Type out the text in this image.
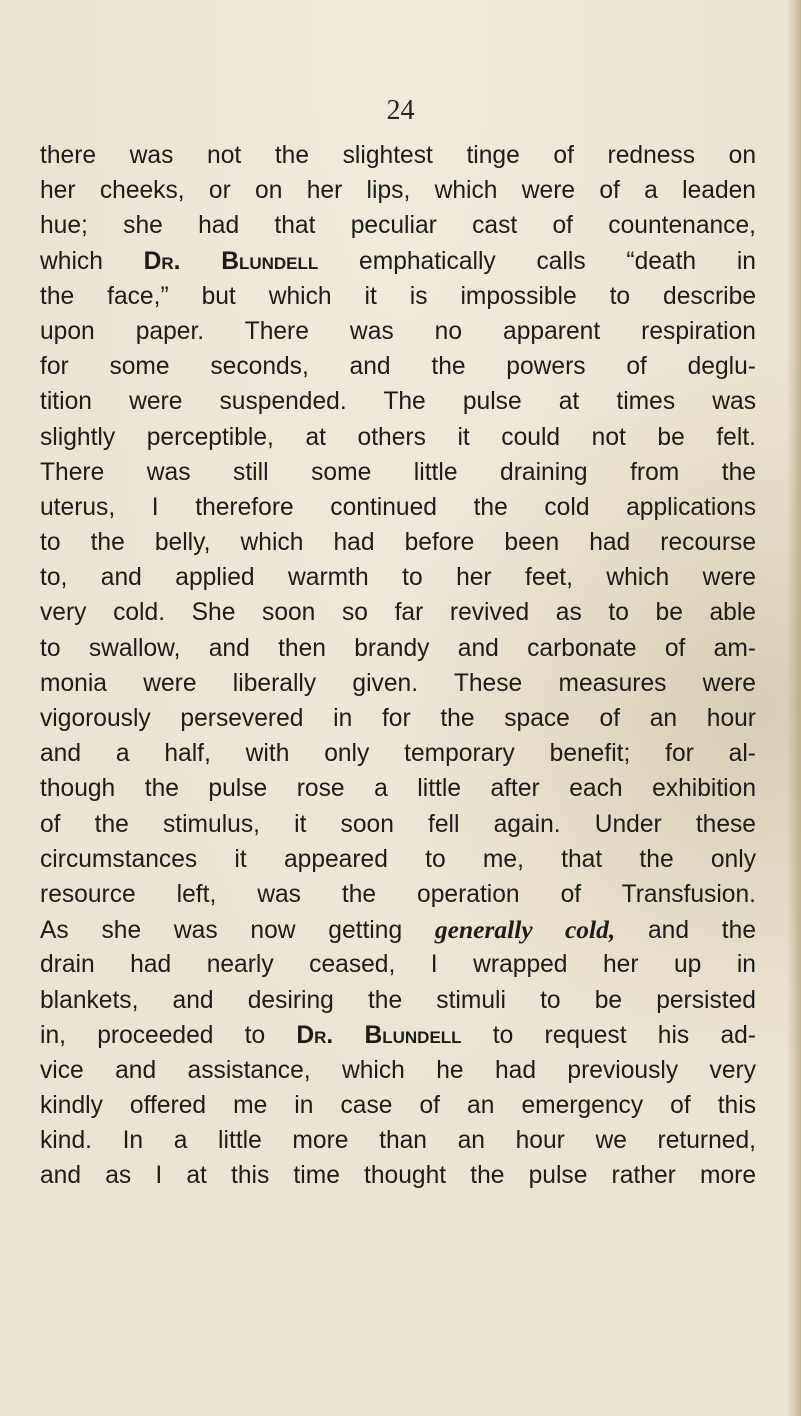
24
there was not the slightest tinge of redness on
her cheeks, or on her lips, which were of a leaden
hue; she had that peculiar cast of countenance,
which Dr. Blundell emphatically calls “death in
the face,” but which it is impossible to describe
upon paper. There was no apparent respiration
for some seconds, and the powers of deglu-
tition were suspended. The pulse at times was
slightly perceptible, at others it could not be felt.
There was still some little draining from the
uterus, I therefore continued the cold applications
to the belly, which had before been had recourse
to, and applied warmth to her feet, which were
very cold. She soon so far revived as to be able
to swallow, and then brandy and carbonate of am-
monia were liberally given. These measures were
vigorously persevered in for the space of an hour
and a half, with only temporary benefit; for al-
though the pulse rose a little after each exhibition
of the stimulus, it soon fell again. Under these
circumstances it appeared to me, that the only
resource left, was the operation of Transfusion.
As she was now getting generally cold, and the
drain had nearly ceased, I wrapped her up in
blankets, and desiring the stimuli to be persisted
in, proceeded to Dr. Blundell to request his ad-
vice and assistance, which he had previously very
kindly offered me in case of an emergency of this
kind. In a little more than an hour we returned,
and as I at this time thought the pulse rather more
